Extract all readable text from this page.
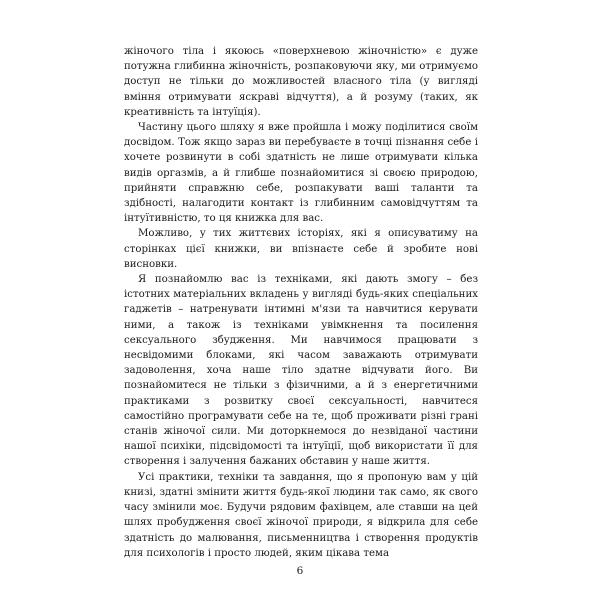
жіночого тіла і якоюсь «поверхневою жіночністю» є дуже потужна глибинна жіночність, розпаковуючи яку, ми отримуємо доступ не тільки до можливостей власного тіла (у вигляді вміння отримувати яскраві відчуття), а й розуму (таких, як креативність та інтуїція).

Частину цього шляху я вже пройшла і можу поділитися своїм досвідом. Тож якщо зараз ви перебуваєте в точці пізнання себе і хочете розвинути в собі здатність не лише отримувати кілька видів оргазмів, а й глибше познайомитися зі своєю природою, прийняти справжню себе, розпакувати ваші таланти та здібності, налагодити контакт із глибинним самовідчуттям та інтуїтивністю, то ця книжка для вас.

Можливо, у тих життєвих історіях, які я описуватиму на сторінках цієї книжки, ви впізнаєте себе й зробите нові висновки.

Я познайомлю вас із техніками, які дають змогу – без істотних матеріальних вкладень у вигляді будь-яких спеціальних гаджетів – натренувати інтимні м'язи та навчитися керувати ними, а також із техніками увімкнення та посилення сексуального збудження. Ми навчимося працювати з несвідомими блоками, які часом заважають отримувати задоволення, хоча наше тіло здатне відчувати його. Ви познайомитеся не тільки з фізичними, а й з енергетичними практиками з розвитку своєї сексуальності, навчитеся самостійно програмувати себе на те, щоб проживати різні грані станів жіночої сили. Ми доторкнемося до незвіданої частини нашої психіки, підсвідомості та інтуїції, щоб використати її для створення і залучення бажаних обставин у наше життя.

Усі практики, техніки та завдання, що я пропоную вам у цій книзі, здатні змінити життя будь-якої людини так само, як свого часу змінили моє. Будучи рядовим фахівцем, але ставши на цей шлях пробудження своєї жіночої природи, я відкрила для себе здатність до малювання, письменництва і створення продуктів для психологів і просто людей, яким цікава тема

6
